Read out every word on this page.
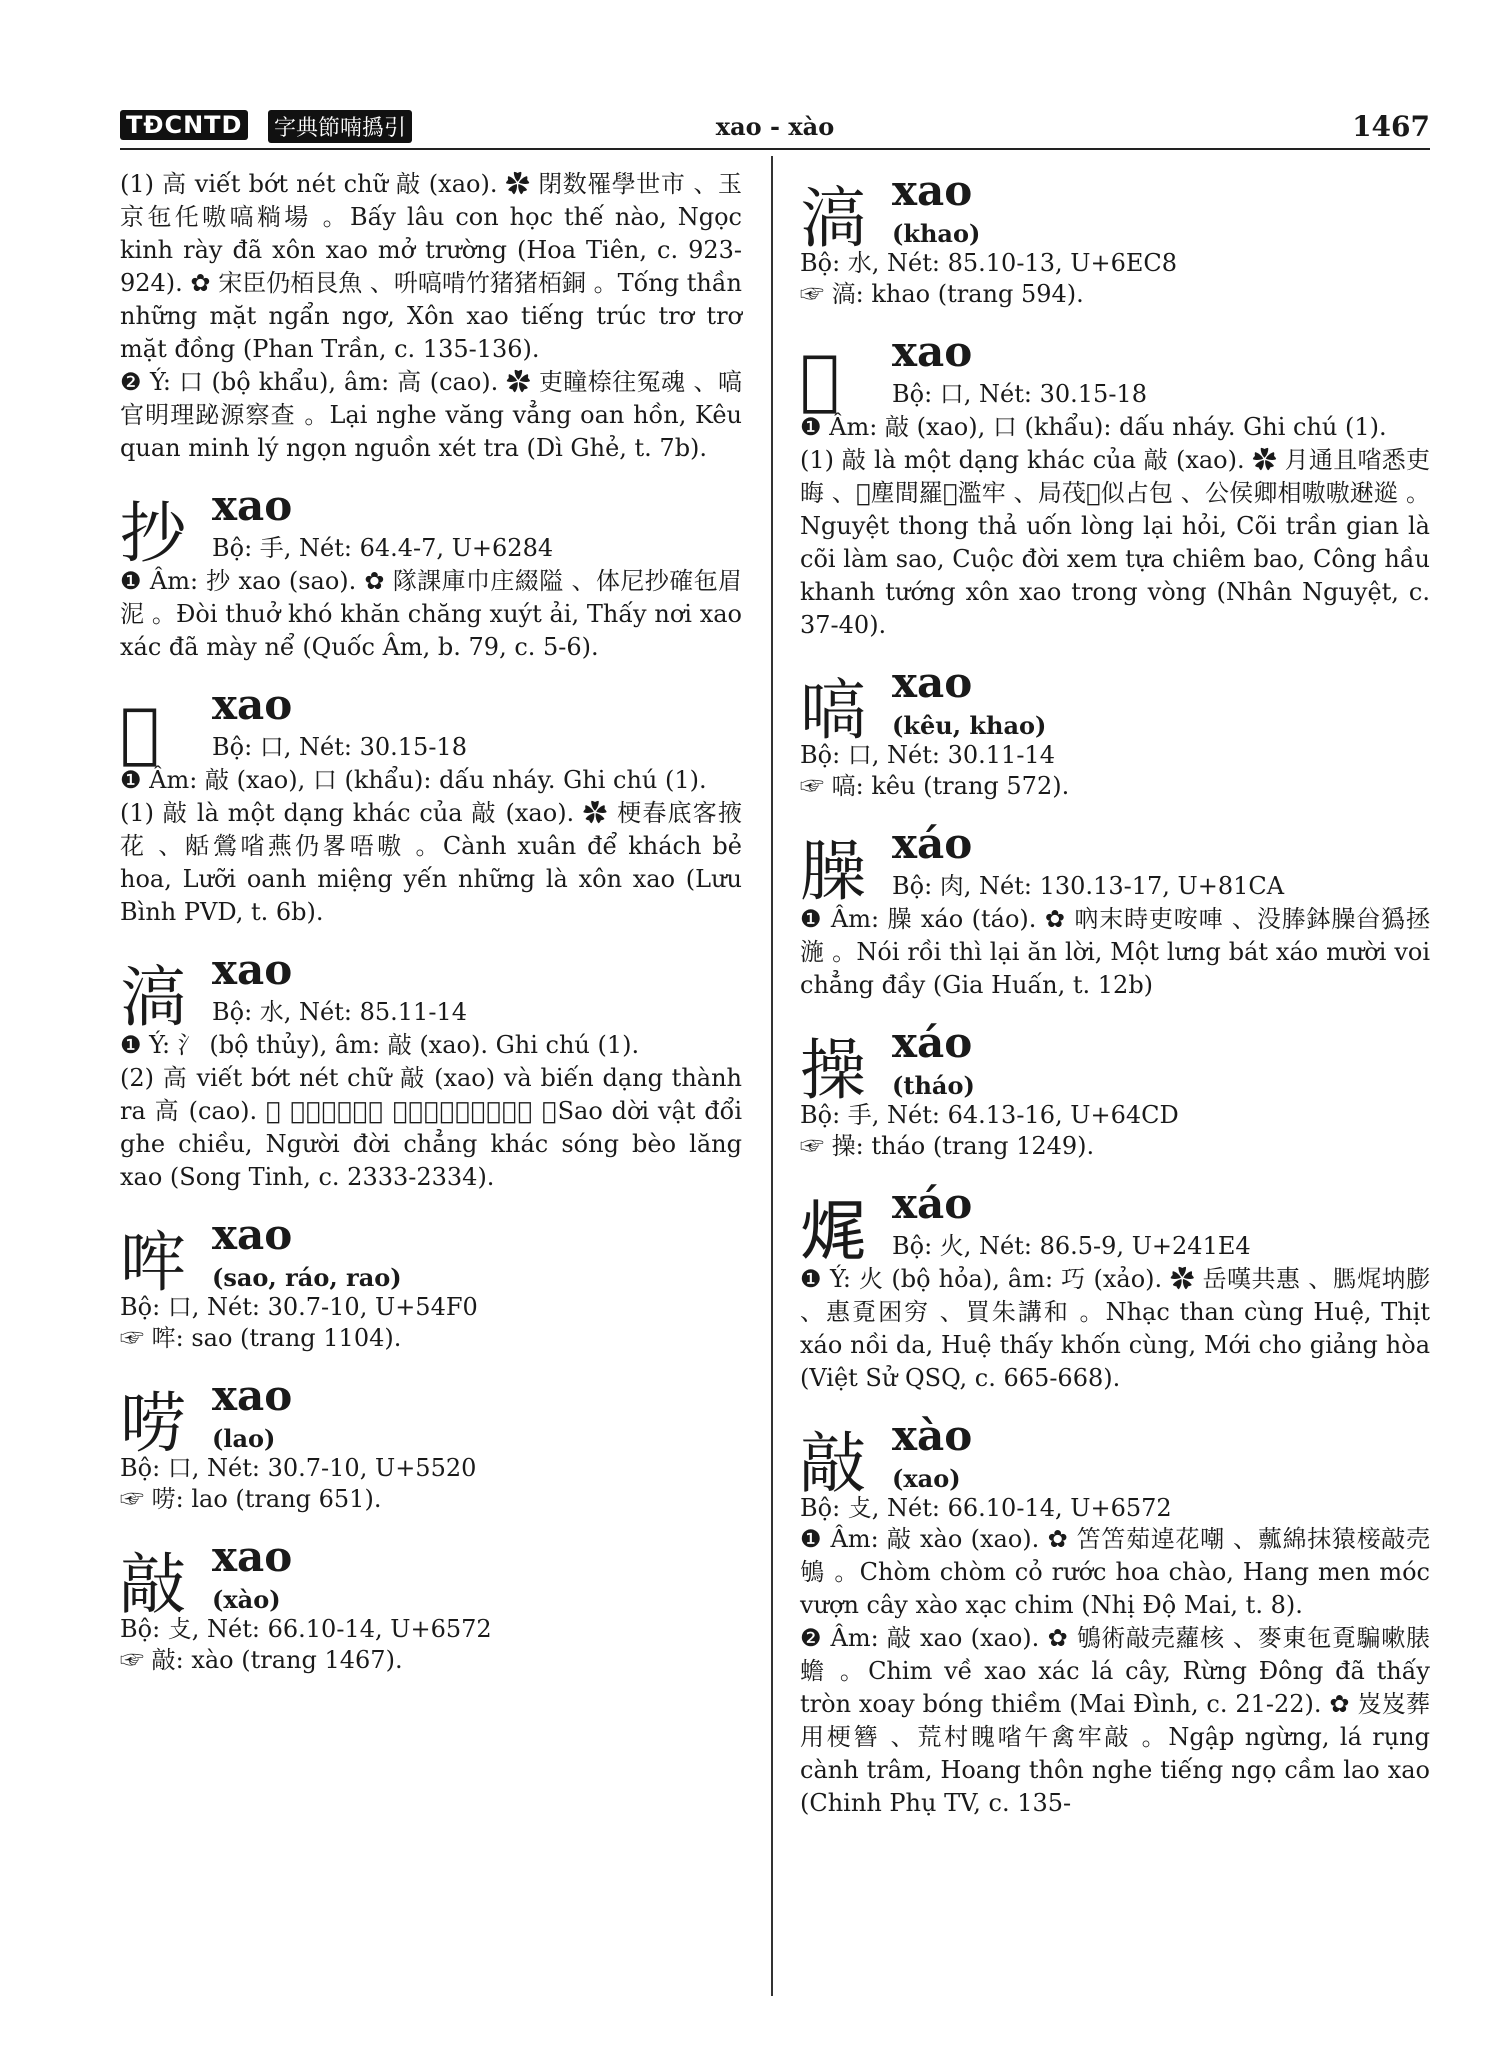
TĐCNTD 字典節喃撝引	xao - xào	1467

(1) 高 viết bớt nét chữ 敲 (xao). ✿ 閉数罹學世市 、玉京㐌仛嗷嗃䊑場 。Bấy lâu con học thế nào, Ngọc kinh rày đã xôn xao mở trường (Hoa Tiên, c. 923-924). ✿ 宋臣仍栢艮魚 、呏嗃啃竹猪猪栢銅 。Tống thần những mặt ngẩn ngơ, Xôn xao tiếng trúc trơ trơ mặt đồng (Phan Trần, c. 135-136).

❷ Ý: 口 (bộ khẩu), âm: 高 (cao). ✿ 吏瞳㮈往冤魂 、嗃官明理䟤源察查 。Lại nghe văng vẳng oan hồn, Kêu quan minh lý ngọn nguồn xét tra (Dì Ghẻ, t. 7b).

抄 xao
Bộ: 手, Nét: 64.4-7, U+6284

❶ Âm: 抄 xao (sao). ✿ 隊課庫巾庄綴隘 、体尼抄確㐌眉泥 。Đòi thuở khó khăn chăng xuýt ải, Thấy nơi xao xác đã mày nể (Quốc Âm, b. 79, c. 5-6).

𠯅 xao
Bộ: 口, Nét: 30.15-18

❶ Âm: 敲 (xao), 口 (khẩu): dấu nháy. Ghi chú (1).

(1) 敲 là một dạng khác của 敲 (xao). ✿ 梗春底客掖花 、𦧘鶯㗂燕仍畧唔嗷 。Cành xuân để khách bẻ hoa, Lưỡi oanh miệng yến những là xôn xao (Lưu Bình PVD, t. 6b).

滈 xao
Bộ: 水, Nét: 85.11-14

❶ Ý: 氵 (bộ thủy), âm: 敲 (xao). Ghi chú (1).

(2) 高 viết bớt nét chữ 敲 (xao) và biến dạng thành ra 高 (cao). ✿ 𣋚移物𢭂稽朝 、得茷𢀨各浐灦㴔滈 。Sao dời vật đổi ghe chiều, Người đời chẳng khác sóng bèo lăng xao (Song Tinh, c. 2333-2334).

哰 xao
(sao, ráo, rao)
Bộ: 口, Nét: 30.7-10, U+54F0

☞ 哰: sao (trang 1104).

唠 xao
(lao)
Bộ: 口, Nét: 30.7-10, U+5520

☞ 唠: lao (trang 651).

敲 xao
(xào)
Bộ: 攴, Nét: 66.10-14, U+6572

☞ 敲: xào (trang 1467).

滈 xao
(khao)
Bộ: 水, Nét: 85.10-13, U+6EC8

☞ 滈: khao (trang 594).

𠯅 xao
Bộ: 口, Nét: 30.15-18

❶ Âm: 敲 (xao), 口 (khẩu): dấu nháy. Ghi chú (1).

(1) 敲 là một dạng khác của 敲 (xao). ✿ 月通且㗂悉吏晦 、𡏦塵間羅𡏦濫牢 、局茷𠶀似占包 、公侯卿相嗷嗷䢤䢨 。Nguyệt thong thả uốn lòng lại hỏi, Cõi trần gian là cõi làm sao, Cuộc đời xem tựa chiêm bao, Công hầu khanh tướng xôn xao trong vòng (Nhân Nguyệt, c. 37-40).

嗃 xao
(kêu, khao)
Bộ: 口, Nét: 30.11-14

☞ 嗃: kêu (trang 572).

臊 xáo
Bộ: 肉, Nét: 130.13-17, U+81CA

❶ Âm: 臊 xáo (táo). ✿ 吶末時吏咹唓 、没䏾鉢臊㒶㺔拯湤 。Nói rồi thì lại ăn lời, Một lưng bát xáo mười voi chẳng đầy (Gia Huấn, t. 12b)

操 xáo
(tháo)
Bộ: 手, Nét: 64.13-16, U+64CD

☞ 操: tháo (trang 1249).

𤈦 xáo
Bộ: 火, Nét: 86.5-9, U+241E4

❶ Ý: 火 (bộ hỏa), âm: 巧 (xảo). ✿ 岳嘆共惠 、𦟐𤈦㘨膨 、惠覔困穷 、買朱講和 。Nhạc than cùng Huệ, Thịt xáo nồi da, Huệ thấy khốn cùng, Mới cho giảng hòa (Việt Sử QSQ, c. 665-668).

敲 xào
(xao)
Bộ: 攴, Nét: 66.10-14, U+6572

❶ Âm: 敲 xào (xao). ✿ 笘笘䓡逴花嘲 、䕯綿抹猿椄敲売鴝 。Chòm chòm cỏ rước hoa chào, Hang men móc vượn cây xào xạc chim (Nhị Độ Mai, t. 8).

❷ Âm: 敲 xao (xao). ✿ 鴝術敲売蘿核 、麥東㐌覔騙嗽脿蟾 。Chim về xao xác lá cây, Rừng Đông đã thấy tròn xoay bóng thiềm (Mai Đình, c. 21-22). ✿ 岌岌葬用梗簪 、荒村䁛㗂午禽牢敲 。Ngập ngừng, lá rụng cành trâm, Hoang thôn nghe tiếng ngọ cầm lao xao (Chinh Phụ TV, c. 135-
